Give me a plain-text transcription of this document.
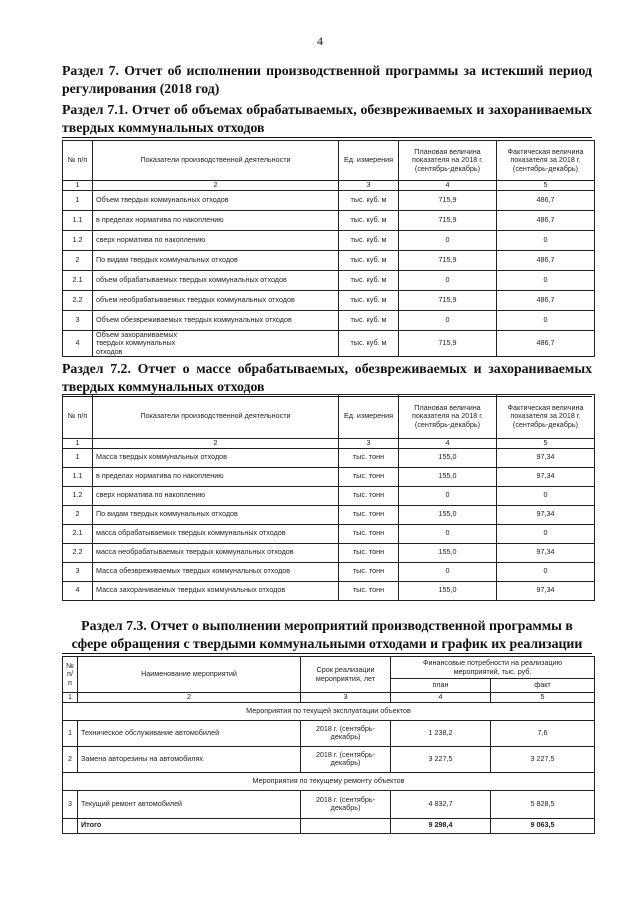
4
Раздел 7. Отчет об исполнении производственной программы за истекший период регулирования (2018 год)
Раздел 7.1. Отчет об объемах обрабатываемых, обезвреживаемых и захораниваемых твердых коммунальных отходов
№ п/п	Показатели производственной деятельности	Ед. измерения	Плановая величина показателя на 2018 г. (сентябрь-декабрь)	Фактическая величина показателя за 2018 г. (сентябрь-декабрь)
1	2	3	4	5
1	Объем твердых коммунальных отходов	тыс. куб. м	715,9	486,7
1.1	в пределах норматива по накоплению	тыс. куб. м	715,9	486,7
1.2	сверх норматива по накоплению	тыс. куб. м	0	0
2	По видам твердых коммунальных отходов	тыс. куб. м	715,9	486,7
2.1	объем обрабатываемых твердых коммунальных отходов	тыс. куб. м	0	0
2.2	объем необрабатываемых твердых коммунальных отходов	тыс. куб. м	715,9	486,7
3	Объем обезвреживаемых твердых коммунальных отходов	тыс. куб. м	0	0
4	Объем захораниваемых твердых коммунальных отходов	тыс. куб. м	715,9	486,7
Раздел 7.2. Отчет о массе обрабатываемых, обезвреживаемых и захораниваемых твердых коммунальных отходов
№ п/п	Показатели производственной деятельности	Ед. измерения	Плановая величина показателя на 2018 г. (сентябрь-декабрь)	Фактическая величина показателя за 2018 г. (сентябрь-декабрь)
1	2	3	4	5
1	Масса твердых коммунальных отходов	тыс. тонн	155,0	97,34
1.1	в пределах норматива по накоплению	тыс. тонн	155,0	97,34
1.2	сверх норматива по накоплению	тыс. тонн	0	0
2	По видам твердых коммунальных отходов	тыс. тонн	155,0	97,34
2.1	масса обрабатываемых твердых коммунальных отходов	тыс. тонн	0	0
2.2	масса необрабатываемых твердых коммунальных отходов	тыс. тонн	155,0	97,34
3	Масса обезвреживаемых твердых коммунальных отходов	тыс. тонн	0	0
4	Масса захораниваемых твердых коммунальных отходов	тыс. тонн	155,0	97,34
Раздел 7.3. Отчет о выполнении мероприятий производственной программы в сфере обращения с твердыми коммунальными отходами и график их реализации
№ п/ п	Наименование мероприятий	Срок реализации мероприятия, лет	Финансовые потребности на реализацию мероприятий, тыс. руб.	
			план	факт
1	2	3	4	5
Мероприятия по текущей эксплуатации объектов				
1	Техническое обслуживание автомобилей	2018 г. (сентябрь-декабрь)	1 238,2	7,6
2	Замена авторезины на автомобилях	2018 г. (сентябрь-декабрь)	3 227,5	3 227,5
Мероприятия по текущему ремонту объектов				
3	Текущий ремонт автомобилей	2018 г. (сентябрь-декабрь)	4 832,7	5 828,5
	Итого		9 298,4	9 063,5
